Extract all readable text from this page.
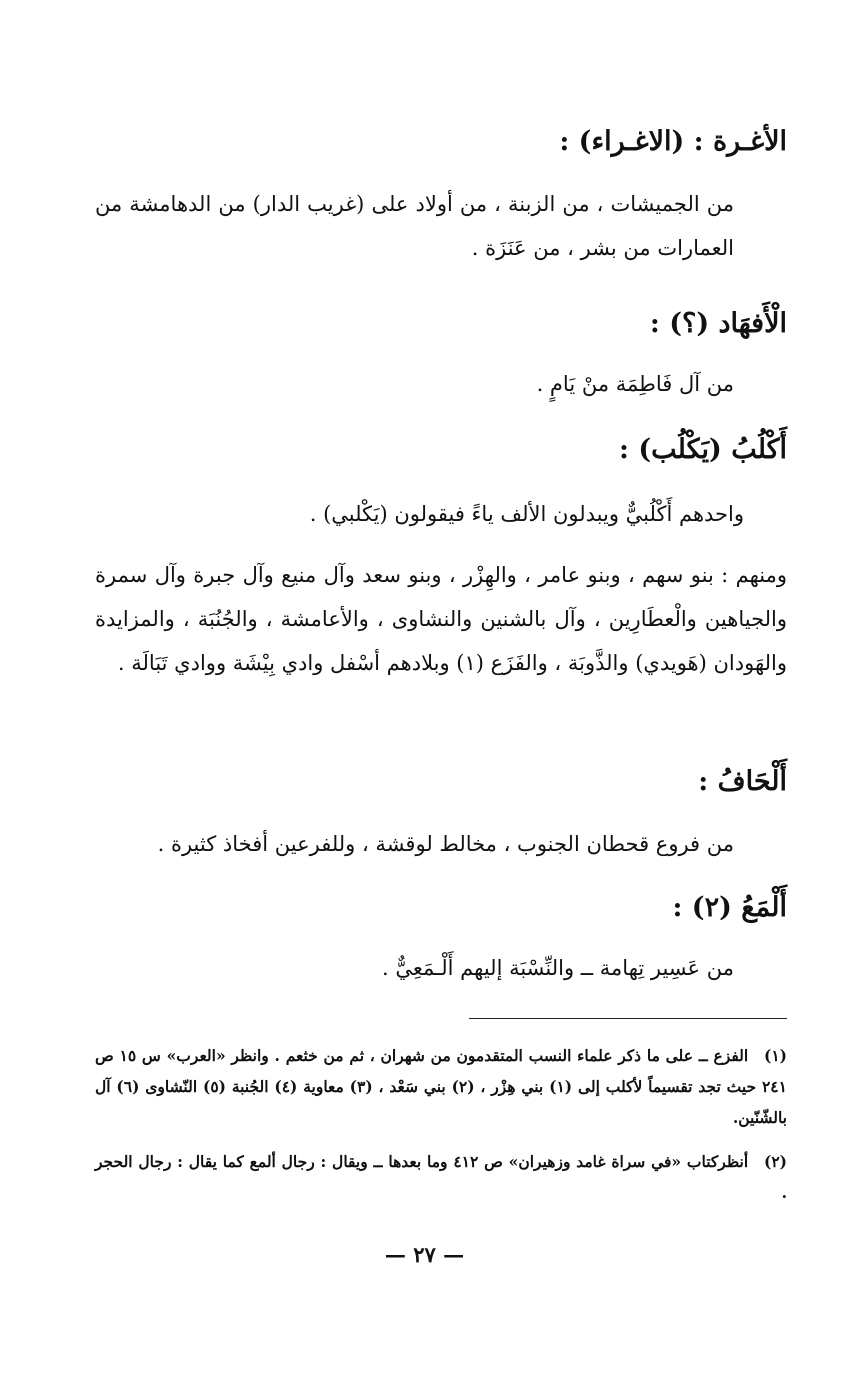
الأغـرة : (الاغـراء) :
من الجميشات ، من الزبنة ، من أولاد على (غريب الدار) من الدهامشة من العمارات من بشر ، من عَنَزَة .
الْأَفهَاد (؟) :
من آل فَاطِمَة منْ يَامٍ .
أَكْلُبُ (يَكْلُب) :
واحدهم أَكْلُبيٌّ ويبدلون الألف ياءً فيقولون (يَكْلبي) .
ومنهم : بنو سهم ، وبنو عامر ، والهِزْر ، وبنو سعد وآل منيع وآل جبرة وآل سمرة والجياهين والْعطَارِين ، وآل بالشنين والنشاوى ، والأعامشة ، والجُنُبَة ، والمزايدة والهَودان (هَويدي) والذَّوبَة ، والفَزَع (١) وبلادهم أسْفل وادي بِيْشَة ووادي تَبَالَة .
أَلْحَافُ :
من فروع قحطان الجنوب ، مخالط لوقشة ، وللفرعين أفخاذ كثيرة .
أَلْمَعُ (٢) :
من عَسِير تِهامة ــ والنِّسْبَة إليهم أَلْـمَعِيٌّ .
(١) الفزع ــ على ما ذكر علماء النسب المتقدمون من شهران ، ثم من خثعم . وانظر «العرب» س ١٥ ص ٢٤١ حيث تجد تقسيماً لأكلب إلى (١) بني هِزْر ، (٢) بني سَعْد ، (٣) معاوية (٤) الجُنبة (٥) النّشاوى (٦) آل بالشّنّين.
(٢) أنظركتاب «في سراة غامد وزهيران» ص ٤١٢ وما بعدها ــ ويقال : رجال ألمع كما يقال : رجال الحجر .
— ٢٧ —
